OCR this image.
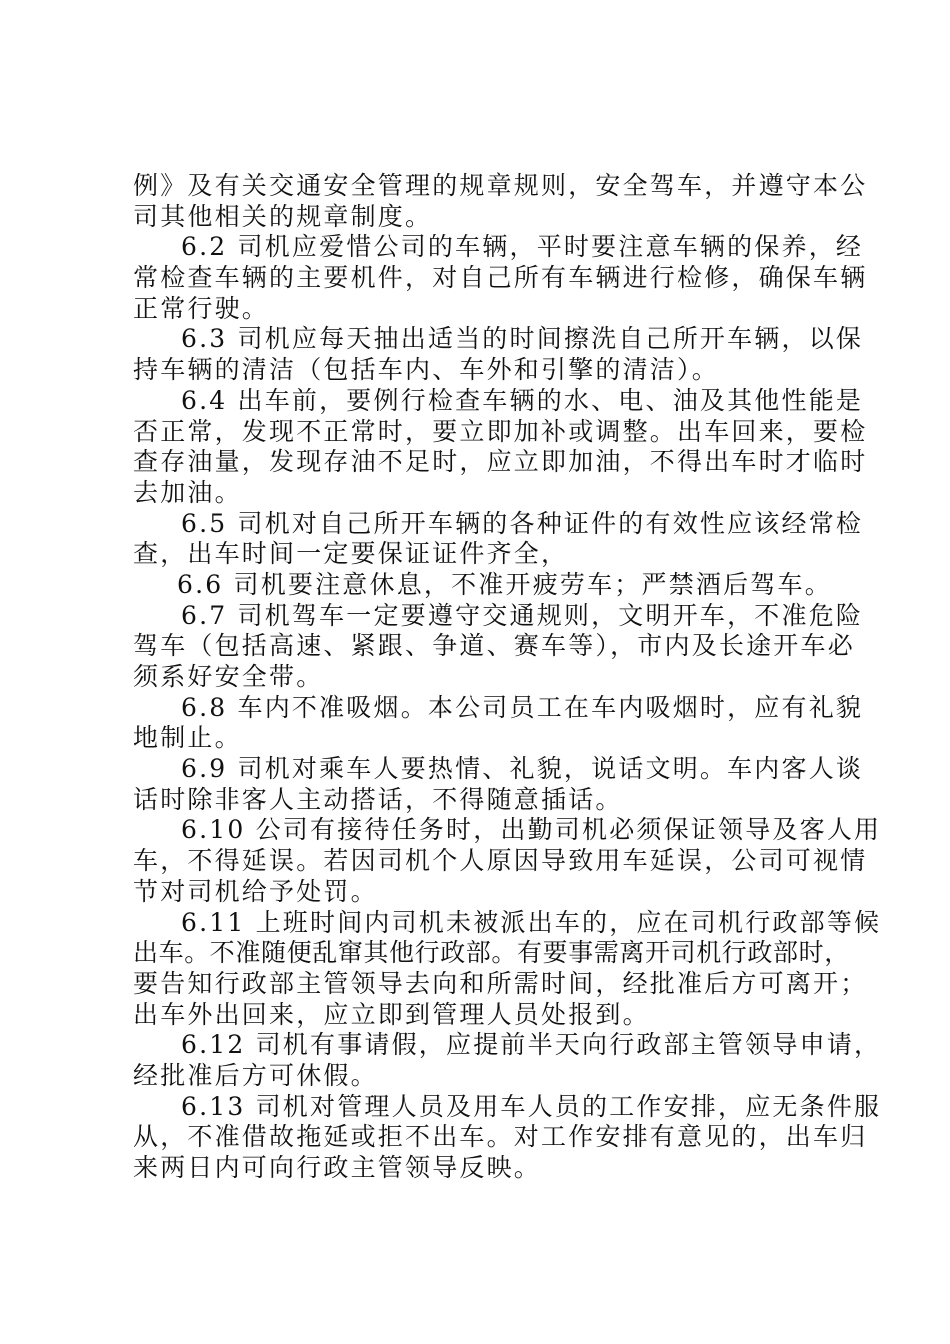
例》及有关交通安全管理的规章规则，安全驾车，并遵守本公
司其他相关的规章制度。
6.2 司机应爱惜公司的车辆，平时要注意车辆的保养，经
常检查车辆的主要机件，对自己所有车辆进行检修，确保车辆
正常行驶。
6.3 司机应每天抽出适当的时间擦洗自己所开车辆，以保
持车辆的清洁（包括车内、车外和引擎的清洁）。
6.4 出车前，要例行检查车辆的水、电、油及其他性能是
否正常，发现不正常时，要立即加补或调整。出车回来，要检
查存油量，发现存油不足时，应立即加油，不得出车时才临时
去加油。
6.5 司机对自己所开车辆的各种证件的有效性应该经常检
查，出车时间一定要保证证件齐全，
6.6 司机要注意休息，不准开疲劳车；严禁酒后驾车。
6.7 司机驾车一定要遵守交通规则，文明开车，不准危险
驾车（包括高速、紧跟、争道、赛车等），市内及长途开车必
须系好安全带。
6.8 车内不准吸烟。本公司员工在车内吸烟时，应有礼貌
地制止。
6.9 司机对乘车人要热情、礼貌，说话文明。车内客人谈
话时除非客人主动搭话，不得随意插话。
6.10 公司有接待任务时，出勤司机必须保证领导及客人用
车，不得延误。若因司机个人原因导致用车延误，公司可视情
节对司机给予处罚。
6.11 上班时间内司机未被派出车的，应在司机行政部等候
出车。不准随便乱窜其他行政部。有要事需离开司机行政部时，
要告知行政部主管领导去向和所需时间，经批准后方可离开；
出车外出回来，应立即到管理人员处报到。
6.12 司机有事请假，应提前半天向行政部主管领导申请，
经批准后方可休假。
6.13 司机对管理人员及用车人员的工作安排，应无条件服
从，不准借故拖延或拒不出车。对工作安排有意见的，出车归
来两日内可向行政主管领导反映。
